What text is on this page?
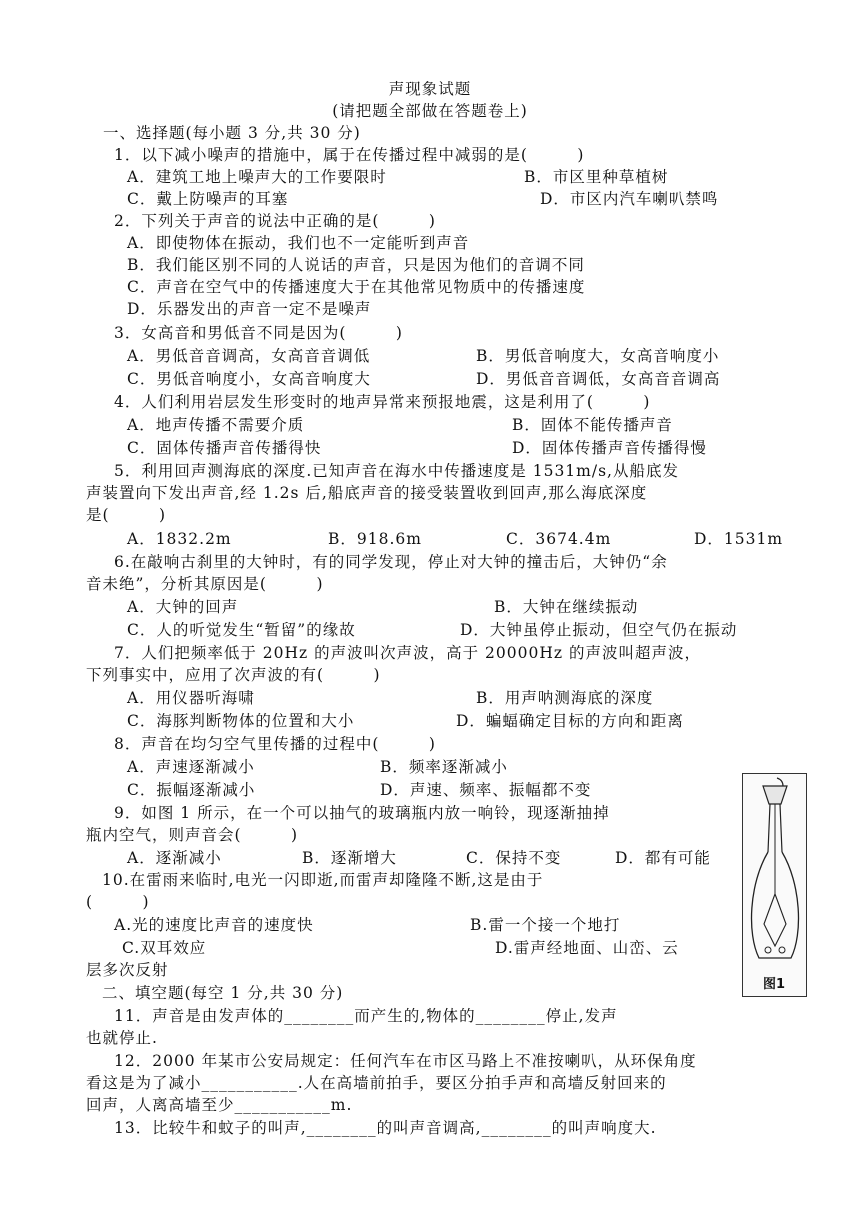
声现象试题
(请把题全部做在答题卷上)
一、选择题(每小题 3 分,共 30 分)
1．以下减小噪声的措施中，属于在传播过程中减弱的是(　　　)
A．建筑工地上噪声大的工作要限时	B．市区里种草植树
C．戴上防噪声的耳塞	D．市区内汽车喇叭禁鸣
2．下列关于声音的说法中正确的是(　　　)
A．即使物体在振动，我们也不一定能听到声音
B．我们能区别不同的人说话的声音，只是因为他们的音调不同
C．声音在空气中的传播速度大于在其他常见物质中的传播速度
D．乐器发出的声音一定不是噪声
3．女高音和男低音不同是因为(　　　)
A．男低音音调高，女高音音调低	B．男低音响度大，女高音响度小
C．男低音响度小，女高音响度大	D．男低音音调低，女高音音调高
4．人们利用岩层发生形变时的地声异常来预报地震，这是利用了(　　　)
A．地声传播不需要介质	B．固体不能传播声音
C．固体传播声音传播得快	D．固体传播声音传播得慢
5．利用回声测海底的深度.已知声音在海水中传播速度是 1531m/s,从船底发
声装置向下发出声音,经 1.2s 后,船底声音的接受装置收到回声,那么海底深度
是(　　　)
A．1832.2m	B．918.6m	C．3674.4m	D．1531m
6.在敲响古刹里的大钟时，有的同学发现，停止对大钟的撞击后，大钟仍“余
音未绝”，分析其原因是(　　　)
A．大钟的回声	B．大钟在继续振动
C．人的听觉发生“暂留”的缘故	D．大钟虽停止振动，但空气仍在振动
7．人们把频率低于 20Hz 的声波叫次声波，高于 20000Hz 的声波叫超声波，
下列事实中，应用了次声波的有(　　　)
A．用仪器听海啸	B．用声呐测海底的深度
C．海豚判断物体的位置和大小	D．蝙蝠确定目标的方向和距离
8．声音在均匀空气里传播的过程中(　　　)
A．声速逐渐减小	B．频率逐渐减小
C．振幅逐渐减小	D．声速、频率、振幅都不变
9．如图 1 所示，在一个可以抽气的玻璃瓶内放一响铃，现逐渐抽掉
瓶内空气，则声音会(　　　)
A．逐渐减小	B．逐渐增大	C．保持不变	D．都有可能
10.在雷雨来临时,电光一闪即逝,而雷声却隆隆不断,这是由于
(　　　)
A.光的速度比声音的速度快	B.雷一个接一个地打
C.双耳效应	D.雷声经地面、山峦、云
层多次反射
二、填空题(每空 1 分,共 30 分)
11．声音是由发声体的________而产生的,物体的________停止,发声
也就停止.
12．2000 年某市公安局规定：任何汽车在市区马路上不准按喇叭，从环保角度
看这是为了减小___________.人在高墙前拍手，要区分拍手声和高墙反射回来的
回声，人离高墙至少___________m.
13．比较牛和蚊子的叫声,________的叫声音调高,________的叫声响度大.
图1
